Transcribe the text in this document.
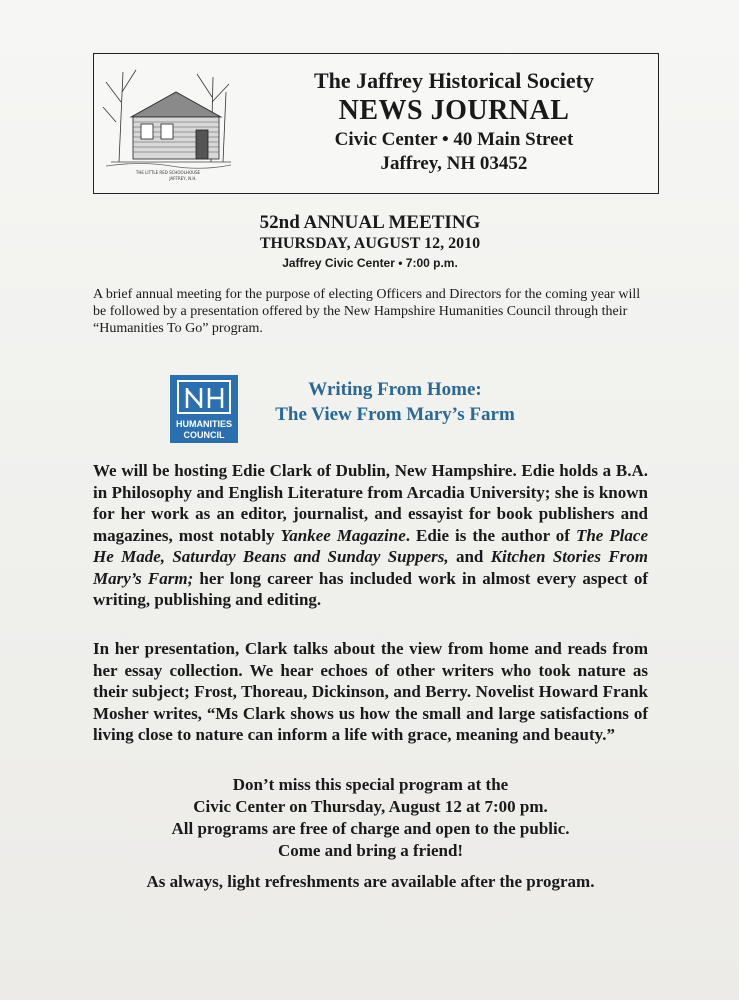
THE LITTLE RED SCHOOLHOUSE
JAFFREY, N.H.
The Jaffrey Historical Society
NEWS JOURNAL
Civic Center • 40 Main Street
Jaffrey, NH 03452
52nd ANNUAL MEETING
THURSDAY, AUGUST 12, 2010
Jaffrey Civic Center • 7:00 p.m.
A brief annual meeting for the purpose of electing Officers and Directors for the coming year will be followed by a presentation offered by the New Hampshire Humanities Council through their “Humanities To Go” program.
HUMANITIES
COUNCIL
Writing From Home:
The View From Mary’s Farm
We will be hosting Edie Clark of Dublin, New Hampshire. Edie holds a B.A. in Philosophy and English Literature from Arcadia University; she is known for her work as an editor, journalist, and essayist for book publishers and magazines, most notably Yankee Magazine. Edie is the author of The Place He Made, Saturday Beans and Sunday Suppers, and Kitchen Stories From Mary’s Farm; her long career has included work in almost every aspect of writing, publishing and editing.
In her presentation, Clark talks about the view from home and reads from her essay collection. We hear echoes of other writers who took nature as their subject; Frost, Thoreau, Dickinson, and Berry. Novelist Howard Frank Mosher writes, “Ms Clark shows us how the small and large satisfactions of living close to nature can inform a life with grace, meaning and beauty.”
Don’t miss this special program at the
Civic Center on Thursday, August 12 at 7:00 pm.
All programs are free of charge and open to the public.
Come and bring a friend!
As always, light refreshments are available after the program.
